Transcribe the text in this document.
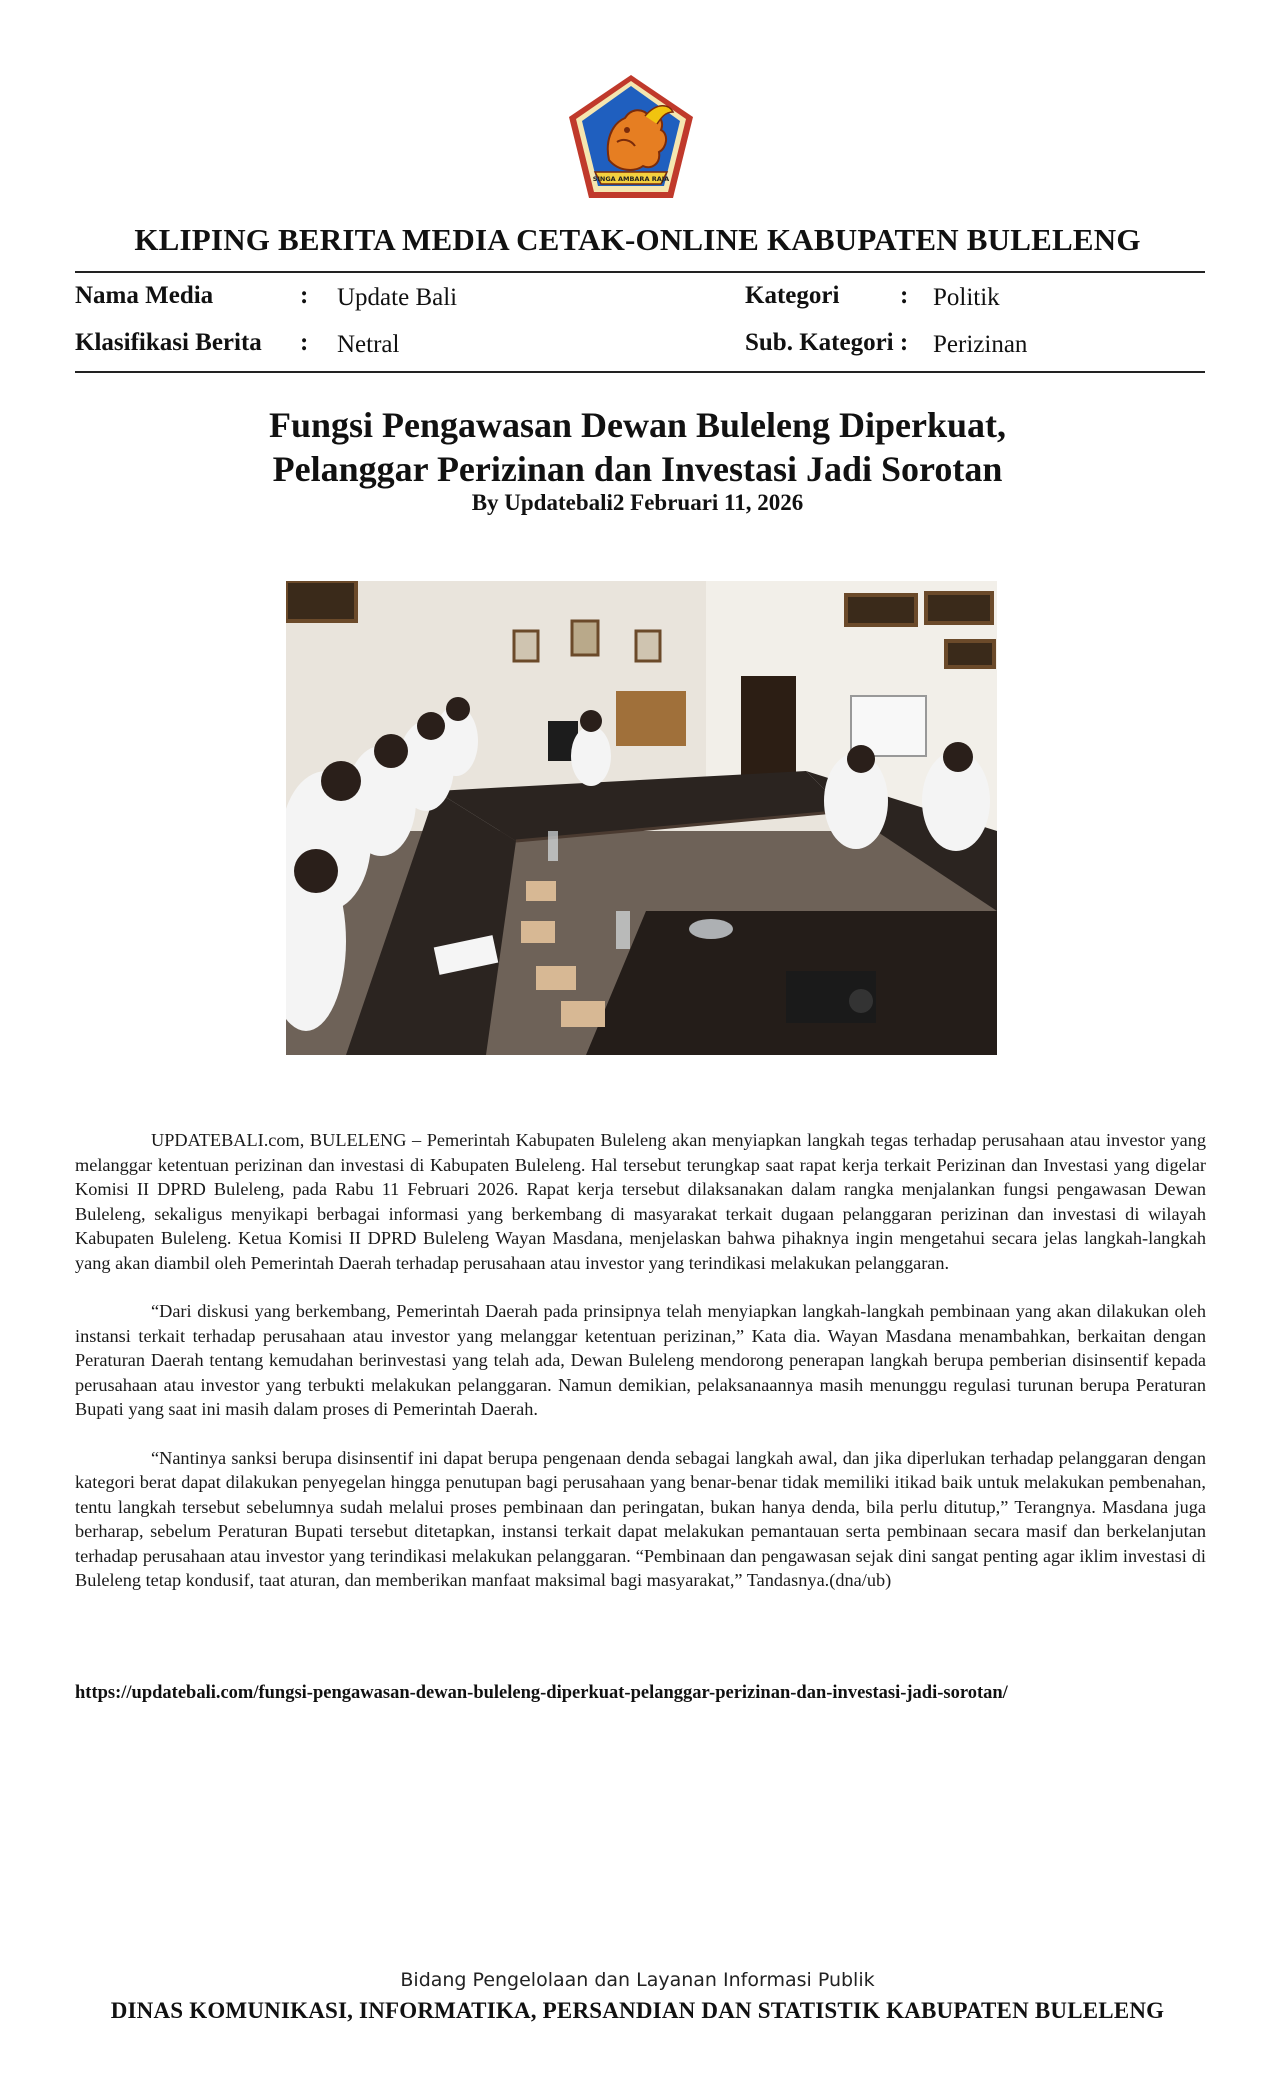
SINGA AMBARA RAJA
KLIPING BERITA MEDIA CETAK-ONLINE KABUPATEN BULELENG
Nama Media	: Update Bali	Kategori : Politik
Klasifikasi Berita : Netral	Sub. Kategori : Perizinan
Fungsi Pengawasan Dewan Buleleng Diperkuat,
Pelanggar Perizinan dan Investasi Jadi Sorotan
By Updatebali2 Februari 11, 2026

UPDATEBALI.com, BULELENG – Pemerintah Kabupaten Buleleng akan menyiapkan langkah tegas terhadap perusahaan atau investor yang melanggar ketentuan perizinan dan investasi di Kabupaten Buleleng. Hal tersebut terungkap saat rapat kerja terkait Perizinan dan Investasi yang digelar Komisi II DPRD Buleleng, pada Rabu 11 Februari 2026. Rapat kerja tersebut dilaksanakan dalam rangka menjalankan fungsi pengawasan Dewan Buleleng, sekaligus menyikapi berbagai informasi yang berkembang di masyarakat terkait dugaan pelanggaran perizinan dan investasi di wilayah Kabupaten Buleleng. Ketua Komisi II DPRD Buleleng Wayan Masdana, menjelaskan bahwa pihaknya ingin mengetahui secara jelas langkah-langkah yang akan diambil oleh Pemerintah Daerah terhadap perusahaan atau investor yang terindikasi melakukan pelanggaran.

“Dari diskusi yang berkembang, Pemerintah Daerah pada prinsipnya telah menyiapkan langkah-langkah pembinaan yang akan dilakukan oleh instansi terkait terhadap perusahaan atau investor yang melanggar ketentuan perizinan,” Kata dia. Wayan Masdana menambahkan, berkaitan dengan Peraturan Daerah tentang kemudahan berinvestasi yang telah ada, Dewan Buleleng mendorong penerapan langkah berupa pemberian disinsentif kepada perusahaan atau investor yang terbukti melakukan pelanggaran. Namun demikian, pelaksanaannya masih menunggu regulasi turunan berupa Peraturan Bupati yang saat ini masih dalam proses di Pemerintah Daerah.

“Nantinya sanksi berupa disinsentif ini dapat berupa pengenaan denda sebagai langkah awal, dan jika diperlukan terhadap pelanggaran dengan kategori berat dapat dilakukan penyegelan hingga penutupan bagi perusahaan yang benar-benar tidak memiliki itikad baik untuk melakukan pembenahan, tentu langkah tersebut sebelumnya sudah melalui proses pembinaan dan peringatan, bukan hanya denda, bila perlu ditutup,” Terangnya. Masdana juga berharap, sebelum Peraturan Bupati tersebut ditetapkan, instansi terkait dapat melakukan pemantauan serta pembinaan secara masif dan berkelanjutan terhadap perusahaan atau investor yang terindikasi melakukan pelanggaran. “Pembinaan dan pengawasan sejak dini sangat penting agar iklim investasi di Buleleng tetap kondusif, taat aturan, dan memberikan manfaat maksimal bagi masyarakat,” Tandasnya.(dna/ub)

https://updatebali.com/fungsi-pengawasan-dewan-buleleng-diperkuat-pelanggar-perizinan-dan-investasi-jadi-sorotan/
Bidang Pengelolaan dan Layanan Informasi Publik
DINAS KOMUNIKASI, INFORMATIKA, PERSANDIAN DAN STATISTIK KABUPATEN BULELENG
